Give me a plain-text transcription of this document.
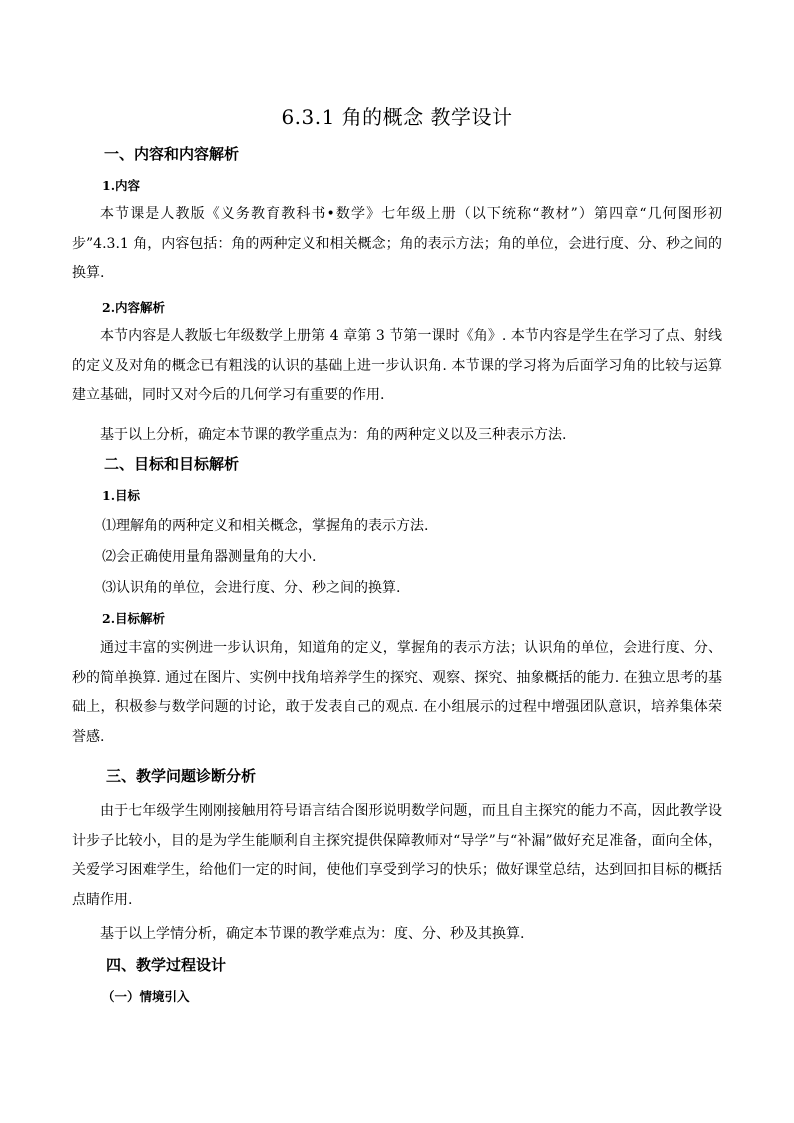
6.3.1 角的概念 教学设计
一、内容和内容解析
1.内容
本节课是人教版《义务教育教科书•数学》七年级上册（以下统称“教材”）第四章“几何图形初步”4.3.1 角，内容包括：角的两种定义和相关概念；角的表示方法；角的单位，会进行度、分、秒之间的换算.
2.内容解析
本节内容是人教版七年级数学上册第 4 章第 3 节第一课时《角》. 本节内容是学生在学习了点、射线的定义及对角的概念已有粗浅的认识的基础上进一步认识角. 本节课的学习将为后面学习角的比较与运算建立基础，同时又对今后的几何学习有重要的作用.
基于以上分析，确定本节课的教学重点为：角的两种定义以及三种表示方法.
二、目标和目标解析
1.目标
⑴理解角的两种定义和相关概念，掌握角的表示方法.
⑵会正确使用量角器测量角的大小.
⑶认识角的单位，会进行度、分、秒之间的换算.
2.目标解析
通过丰富的实例进一步认识角，知道角的定义，掌握角的表示方法；认识角的单位，会进行度、分、秒的简单换算. 通过在图片、实例中找角培养学生的探究、观察、探究、抽象概括的能力. 在独立思考的基础上，积极参与数学问题的讨论，敢于发表自己的观点. 在小组展示的过程中增强团队意识，培养集体荣誉感.
三、教学问题诊断分析
由于七年级学生刚刚接触用符号语言结合图形说明数学问题，而且自主探究的能力不高，因此教学设计步子比较小，目的是为学生能顺利自主探究提供保障教师对“导学”与“补漏”做好充足准备，面向全体，关爱学习困难学生，给他们一定的时间，使他们享受到学习的快乐；做好课堂总结，达到回扣目标的概括点睛作用.
基于以上学情分析，确定本节课的教学难点为：度、分、秒及其换算.
四、教学过程设计
（一）情境引入
